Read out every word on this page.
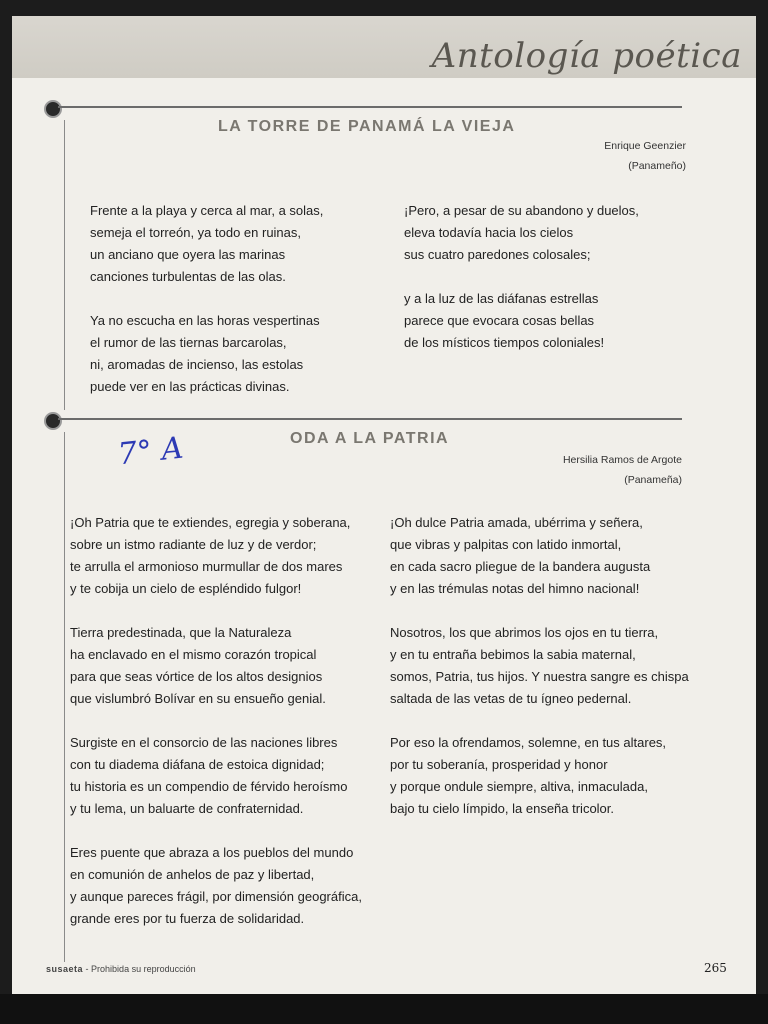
Antología poética
LA TORRE DE PANAMÁ LA VIEJA
Enrique Geenzier
(Panameño)
Frente a la playa y cerca al mar, a solas,
semeja el torreón, ya todo en ruinas,
un anciano que oyera las marinas
canciones turbulentas de las olas.
Ya no escucha en las horas vespertinas
el rumor de las tiernas barcarolas,
ni, aromadas de incienso, las estolas
puede ver en las prácticas divinas.
¡Pero, a pesar de su abandono y duelos,
eleva todavía hacia los cielos
sus cuatro paredones colosales;
y a la luz de las diáfanas estrellas
parece que evocara cosas bellas
de los místicos tiempos coloniales!
ODA A LA PATRIA
Hersilia Ramos de Argote
(Panameña)
¡Oh Patria que te extiendes, egregia y soberana,
sobre un istmo radiante de luz y de verdor;
te arrulla el armonioso murmullar de dos mares
y te cobija un cielo de espléndido fulgor!
Tierra predestinada, que la Naturaleza
ha enclavado en el mismo corazón tropical
para que seas vórtice de los altos designios
que vislumbró Bolívar en su ensueño genial.
Surgiste en el consorcio de las naciones libres
con tu diadema diáfana de estoica dignidad;
tu historia es un compendio de férvido heroísmo
y tu lema, un baluarte de confraternidad.
Eres puente que abraza a los pueblos del mundo
en comunión de anhelos de paz y libertad,
y aunque pareces frágil, por dimensión geográfica,
grande eres por tu fuerza de solidaridad.
¡Oh dulce Patria amada, ubérrima y señera,
que vibras y palpitas con latido inmortal,
en cada sacro pliegue de la bandera augusta
y en las trémulas notas del himno nacional!
Nosotros, los que abrimos los ojos en tu tierra,
y en tu entraña bebimos la sabia maternal,
somos, Patria, tus hijos. Y nuestra sangre es chispa
saltada de las vetas de tu ígneo pedernal.
Por eso la ofrendamos, solemne, en tus altares,
por tu soberanía, prosperidad y honor
y porque ondule siempre, altiva, inmaculada,
bajo tu cielo límpido, la enseña tricolor.
susaeta - Prohibida su reproducción	265
7° A
